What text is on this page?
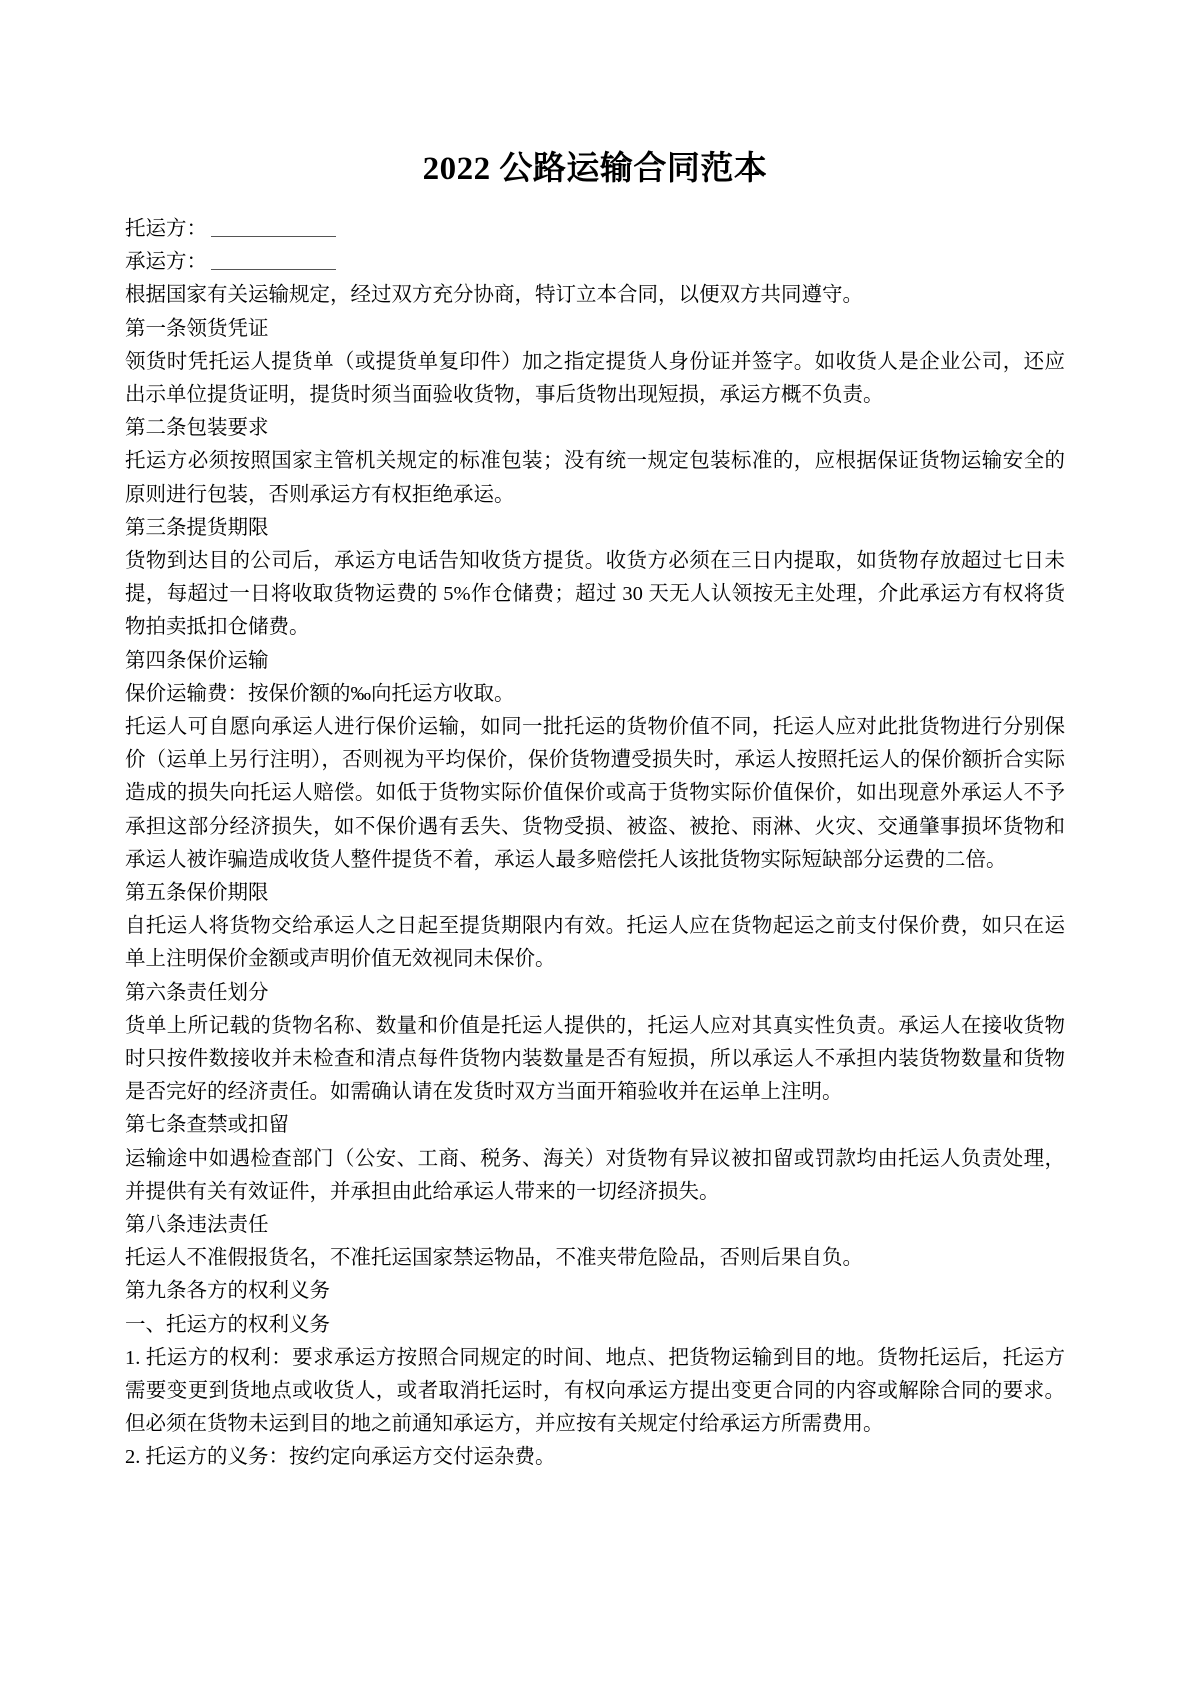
2022 公路运输合同范本

托运方：

承运方：

根据国家有关运输规定，经过双方充分协商，特订立本合同，以便双方共同遵守。

第一条领货凭证

领货时凭托运人提货单（或提货单复印件）加之指定提货人身份证并签字。如收货人是企业公司，还应出示单位提货证明，提货时须当面验收货物，事后货物出现短损，承运方概不负责。

第二条包装要求

托运方必须按照国家主管机关规定的标准包装；没有统一规定包装标准的，应根据保证货物运输安全的原则进行包装，否则承运方有权拒绝承运。

第三条提货期限

货物到达目的公司后，承运方电话告知收货方提货。收货方必须在三日内提取，如货物存放超过七日未提，每超过一日将收取货物运费的 5%作仓储费；超过 30 天无人认领按无主处理，介此承运方有权将货物拍卖抵扣仓储费。

第四条保价运输

保价运输费：按保价额的‰向托运方收取。

托运人可自愿向承运人进行保价运输，如同一批托运的货物价值不同，托运人应对此批货物进行分别保价（运单上另行注明），否则视为平均保价，保价货物遭受损失时，承运人按照托运人的保价额折合实际造成的损失向托运人赔偿。如低于货物实际价值保价或高于货物实际价值保价，如出现意外承运人不予承担这部分经济损失，如不保价遇有丢失、货物受损、被盗、被抢、雨淋、火灾、交通肇事损坏货物和承运人被诈骗造成收货人整件提货不着，承运人最多赔偿托人该批货物实际短缺部分运费的二倍。

第五条保价期限

自托运人将货物交给承运人之日起至提货期限内有效。托运人应在货物起运之前支付保价费，如只在运单上注明保价金额或声明价值无效视同未保价。

第六条责任划分

货单上所记载的货物名称、数量和价值是托运人提供的，托运人应对其真实性负责。承运人在接收货物时只按件数接收并未检查和清点每件货物内装数量是否有短损，所以承运人不承担内装货物数量和货物是否完好的经济责任。如需确认请在发货时双方当面开箱验收并在运单上注明。

第七条查禁或扣留

运输途中如遇检查部门（公安、工商、税务、海关）对货物有异议被扣留或罚款均由托运人负责处理，并提供有关有效证件，并承担由此给承运人带来的一切经济损失。

第八条违法责任

托运人不准假报货名，不准托运国家禁运物品，不准夹带危险品，否则后果自负。

第九条各方的权利义务

一、托运方的权利义务

1. 托运方的权利：要求承运方按照合同规定的时间、地点、把货物运输到目的地。货物托运后，托运方需要变更到货地点或收货人，或者取消托运时，有权向承运方提出变更合同的内容或解除合同的要求。但必须在货物未运到目的地之前通知承运方，并应按有关规定付给承运方所需费用。

2. 托运方的义务：按约定向承运方交付运杂费。
